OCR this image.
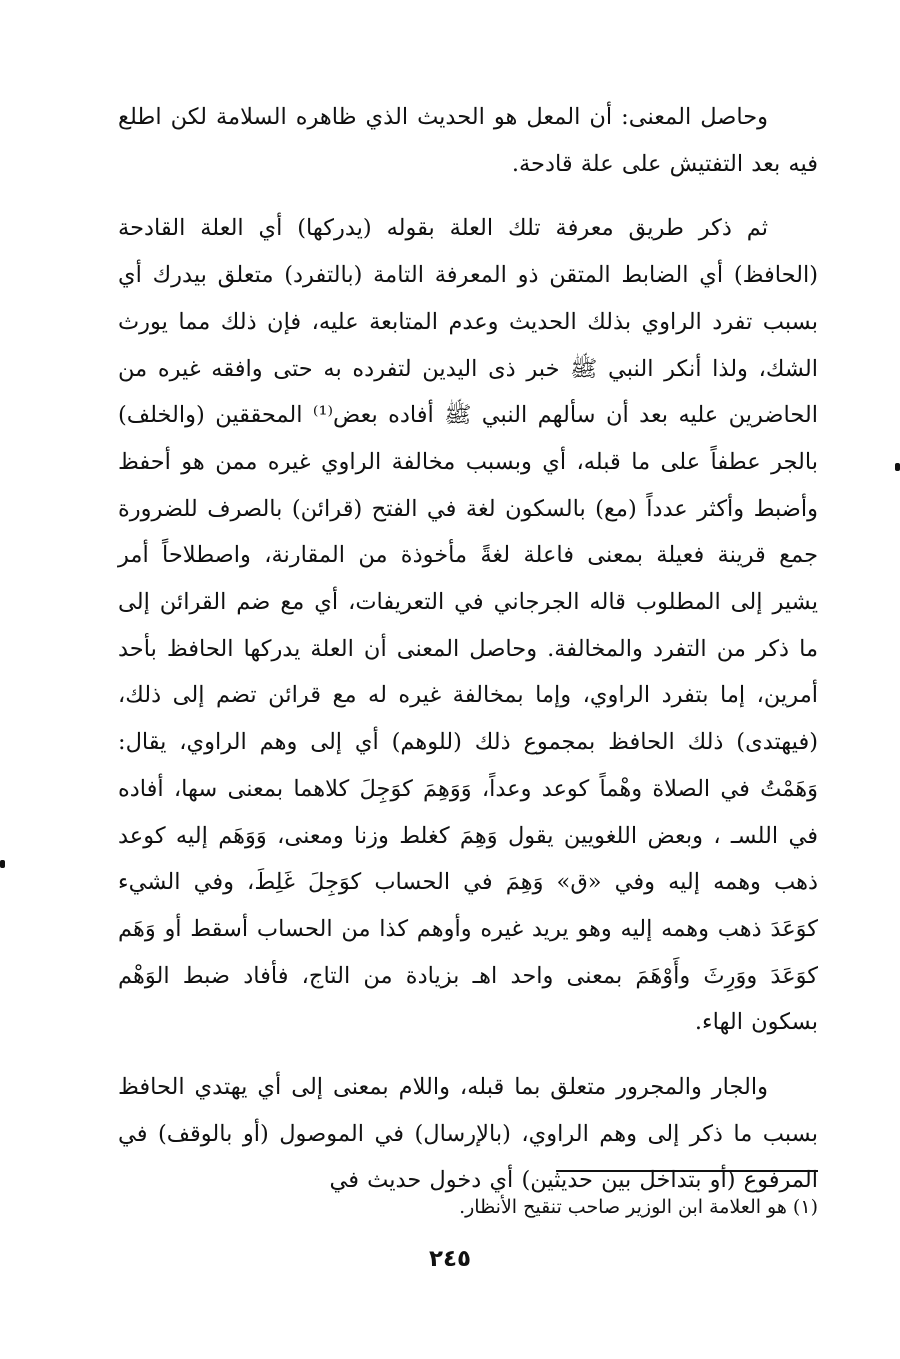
وحاصل المعنى: أن المعل هو الحديث الذي ظاهره السلامة لكن اطلع فيه بعد التفتيش على علة قادحة.

ثم ذكر طريق معرفة تلك العلة بقوله (يدركها) أي العلة القادحة (الحافظ) أي الضابط المتقن ذو المعرفة التامة (بالتفرد) متعلق بيدرك أي بسبب تفرد الراوي بذلك الحديث وعدم المتابعة عليه، فإن ذلك مما يورث الشك، ولذا أنكر النبي ﷺ خبر ذى اليدين لتفرده به حتى وافقه غيره من الحاضرين عليه بعد أن سألهم النبي ﷺ أفاده بعض⁽¹⁾ المحققين (والخلف) بالجر عطفاً على ما قبله، أي وبسبب مخالفة الراوي غيره ممن هو أحفظ وأضبط وأكثر عدداً (مع) بالسكون لغة في الفتح (قرائن) بالصرف للضرورة جمع قرينة فعيلة بمعنى فاعلة لغةً مأخوذة من المقارنة، واصطلاحاً أمر يشير إلى المطلوب قاله الجرجاني في التعريفات، أي مع ضم القرائن إلى ما ذكر من التفرد والمخالفة. وحاصل المعنى أن العلة يدركها الحافظ بأحد أمرين، إما بتفرد الراوي، وإما بمخالفة غيره له مع قرائن تضم إلى ذلك، (فيهتدى) ذلك الحافظ بمجموع ذلك (للوهم) أي إلى وهم الراوي، يقال: وَهَمْتُ في الصلاة وهْماً كوعد وعداً، وَوَهِمَ كوَجِلَ كلاهما بمعنى سها، أفاده في اللسـ ، وبعض اللغويين يقول وَهِمَ كغلط وزنا ومعنى، وَوَهَم إليه كوعد ذهب وهمه إليه وفي «ق» وَهِمَ في الحساب كوَجِلَ غَلِطَ، وفي الشيء كوَعَدَ ذهب وهمه إليه وهو يريد غيره وأوهم كذا من الحساب أسقط أو وَهَم كوَعَدَ ووَرِثَ وأَوْهَمَ بمعنى واحد اهـ بزيادة من التاج، فأفاد ضبط الوَهْم بسكون الهاء.

والجار والمجرور متعلق بما قبله، واللام بمعنى إلى أي يهتدي الحافظ بسبب ما ذكر إلى وهم الراوي، (بالإرسال) في الموصول (أو بالوقف) في المرفوع (أو بتداخل بين حديثين) أي دخول حديث في

(١) هو العلامة ابن الوزير صاحب تنقيح الأنظار.
٢٤٥
